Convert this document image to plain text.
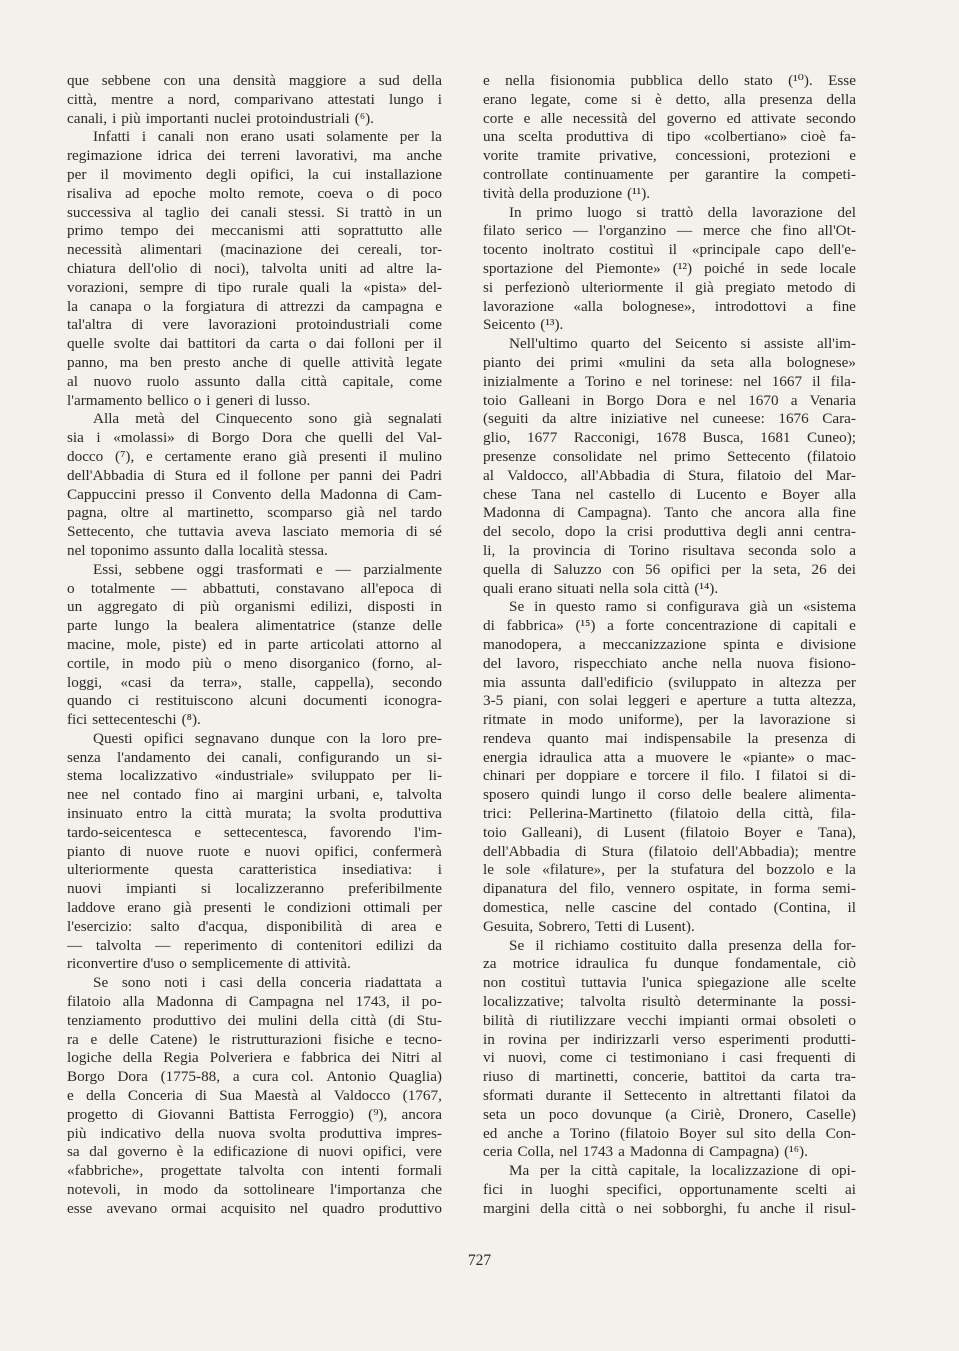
que sebbene con una densità maggiore a sud della
città, mentre a nord, comparivano attestati lungo i
canali, i più importanti nuclei protoindustriali (⁶).
Infatti i canali non erano usati solamente per la
regimazione idrica dei terreni lavorativi, ma anche
per il movimento degli opifici, la cui installazione
risaliva ad epoche molto remote, coeva o di poco
successiva al taglio dei canali stessi. Si trattò in un
primo tempo dei meccanismi atti soprattutto alle
necessità alimentari (macinazione dei cereali, tor-
chiatura dell'olio di noci), talvolta uniti ad altre la-
vorazioni, sempre di tipo rurale quali la «pista» del-
la canapa o la forgiatura di attrezzi da campagna e
tal'altra di vere lavorazioni protoindustriali come
quelle svolte dai battitori da carta o dai folloni per il
panno, ma ben presto anche di quelle attività legate
al nuovo ruolo assunto dalla città capitale, come
l'armamento bellico o i generi di lusso.
Alla metà del Cinquecento sono già segnalati
sia i «molassi» di Borgo Dora che quelli del Val-
docco (⁷), e certamente erano già presenti il mulino
dell'Abbadia di Stura ed il follone per panni dei Padri
Cappuccini presso il Convento della Madonna di Cam-
pagna, oltre al martinetto, scomparso già nel tardo
Settecento, che tuttavia aveva lasciato memoria di sé
nel toponimo assunto dalla località stessa.
Essi, sebbene oggi trasformati e — parzialmente
o totalmente — abbattuti, constavano all'epoca di
un aggregato di più organismi edilizi, disposti in
parte lungo la bealera alimentatrice (stanze delle
macine, mole, piste) ed in parte articolati attorno al
cortile, in modo più o meno disorganico (forno, al-
loggi, «casi da terra», stalle, cappella), secondo
quando ci restituiscono alcuni documenti iconogra-
fici settecenteschi (⁸).
Questi opifici segnavano dunque con la loro pre-
senza l'andamento dei canali, configurando un si-
stema localizzativo «industriale» sviluppato per li-
nee nel contado fino ai margini urbani, e, talvolta
insinuato entro la città murata; la svolta produttiva
tardo-seicentesca e settecentesca, favorendo l'im-
pianto di nuove ruote e nuovi opifici, confermerà
ulteriormente questa caratteristica insediativa: i
nuovi impianti si localizzeranno preferibilmente
laddove erano già presenti le condizioni ottimali per
l'esercizio: salto d'acqua, disponibilità di area e
— talvolta — reperimento di contenitori edilizi da
riconvertire d'uso o semplicemente di attività.
Se sono noti i casi della conceria riadattata a
filatoio alla Madonna di Campagna nel 1743, il po-
tenziamento produttivo dei mulini della città (di Stu-
ra e delle Catene) le ristrutturazioni fisiche e tecno-
logiche della Regia Polveriera e fabbrica dei Nitri al
Borgo Dora (1775-88, a cura col. Antonio Quaglia)
e della Conceria di Sua Maestà al Valdocco (1767,
progetto di Giovanni Battista Ferroggio) (⁹), ancora
più indicativo della nuova svolta produttiva impres-
sa dal governo è la edificazione di nuovi opifici, vere
«fabbriche», progettate talvolta con intenti formali
notevoli, in modo da sottolineare l'importanza che
esse avevano ormai acquisito nel quadro produttivo
e nella fisionomia pubblica dello stato (¹⁰). Esse
erano legate, come si è detto, alla presenza della
corte e alle necessità del governo ed attivate secondo
una scelta produttiva di tipo «colbertiano» cioè fa-
vorite tramite privative, concessioni, protezioni e
controllate continuamente per garantire la competi-
tività della produzione (¹¹).
In primo luogo si trattò della lavorazione del
filato serico — l'organzino — merce che fino all'Ot-
tocento inoltrato costituì il «principale capo dell'e-
sportazione del Piemonte» (¹²) poiché in sede locale
si perfezionò ulteriormente il già pregiato metodo di
lavorazione «alla bolognese», introdottovi a fine
Seicento (¹³).
Nell'ultimo quarto del Seicento si assiste all'im-
pianto dei primi «mulini da seta alla bolognese»
inizialmente a Torino e nel torinese: nel 1667 il fila-
toio Galleani in Borgo Dora e nel 1670 a Venaria
(seguiti da altre iniziative nel cuneese: 1676 Cara-
glio, 1677 Racconigi, 1678 Busca, 1681 Cuneo);
presenze consolidate nel primo Settecento (filatoio
al Valdocco, all'Abbadia di Stura, filatoio del Mar-
chese Tana nel castello di Lucento e Boyer alla
Madonna di Campagna). Tanto che ancora alla fine
del secolo, dopo la crisi produttiva degli anni centra-
li, la provincia di Torino risultava seconda solo a
quella di Saluzzo con 56 opifici per la seta, 26 dei
quali erano situati nella sola città (¹⁴).
Se in questo ramo si configurava già un «sistema
di fabbrica» (¹⁵) a forte concentrazione di capitali e
manodopera, a meccanizzazione spinta e divisione
del lavoro, rispecchiato anche nella nuova fisiono-
mia assunta dall'edificio (sviluppato in altezza per
3-5 piani, con solai leggeri e aperture a tutta altezza,
ritmate in modo uniforme), per la lavorazione si
rendeva quanto mai indispensabile la presenza di
energia idraulica atta a muovere le «piante» o mac-
chinari per doppiare e torcere il filo. I filatoi si di-
sposero quindi lungo il corso delle bealere alimenta-
trici: Pellerina-Martinetto (filatoio della città, fila-
toio Galleani), di Lusent (filatoio Boyer e Tana),
dell'Abbadia di Stura (filatoio dell'Abbadia); mentre
le sole «filature», per la stufatura del bozzolo e la
dipanatura del filo, vennero ospitate, in forma semi-
domestica, nelle cascine del contado (Contina, il
Gesuita, Sobrero, Tetti di Lusent).
Se il richiamo costituito dalla presenza della for-
za motrice idraulica fu dunque fondamentale, ciò
non costituì tuttavia l'unica spiegazione alle scelte
localizzative; talvolta risultò determinante la possi-
bilità di riutilizzare vecchi impianti ormai obsoleti o
in rovina per indirizzarli verso esperimenti produtti-
vi nuovi, come ci testimoniano i casi frequenti di
riuso di martinetti, concerie, battitoi da carta tra-
sformati durante il Settecento in altrettanti filatoi da
seta un poco dovunque (a Ciriè, Dronero, Caselle)
ed anche a Torino (filatoio Boyer sul sito della Con-
ceria Colla, nel 1743 a Madonna di Campagna) (¹⁶).
Ma per la città capitale, la localizzazione di opi-
fici in luoghi specifici, opportunamente scelti ai
margini della città o nei sobborghi, fu anche il risul-
727
